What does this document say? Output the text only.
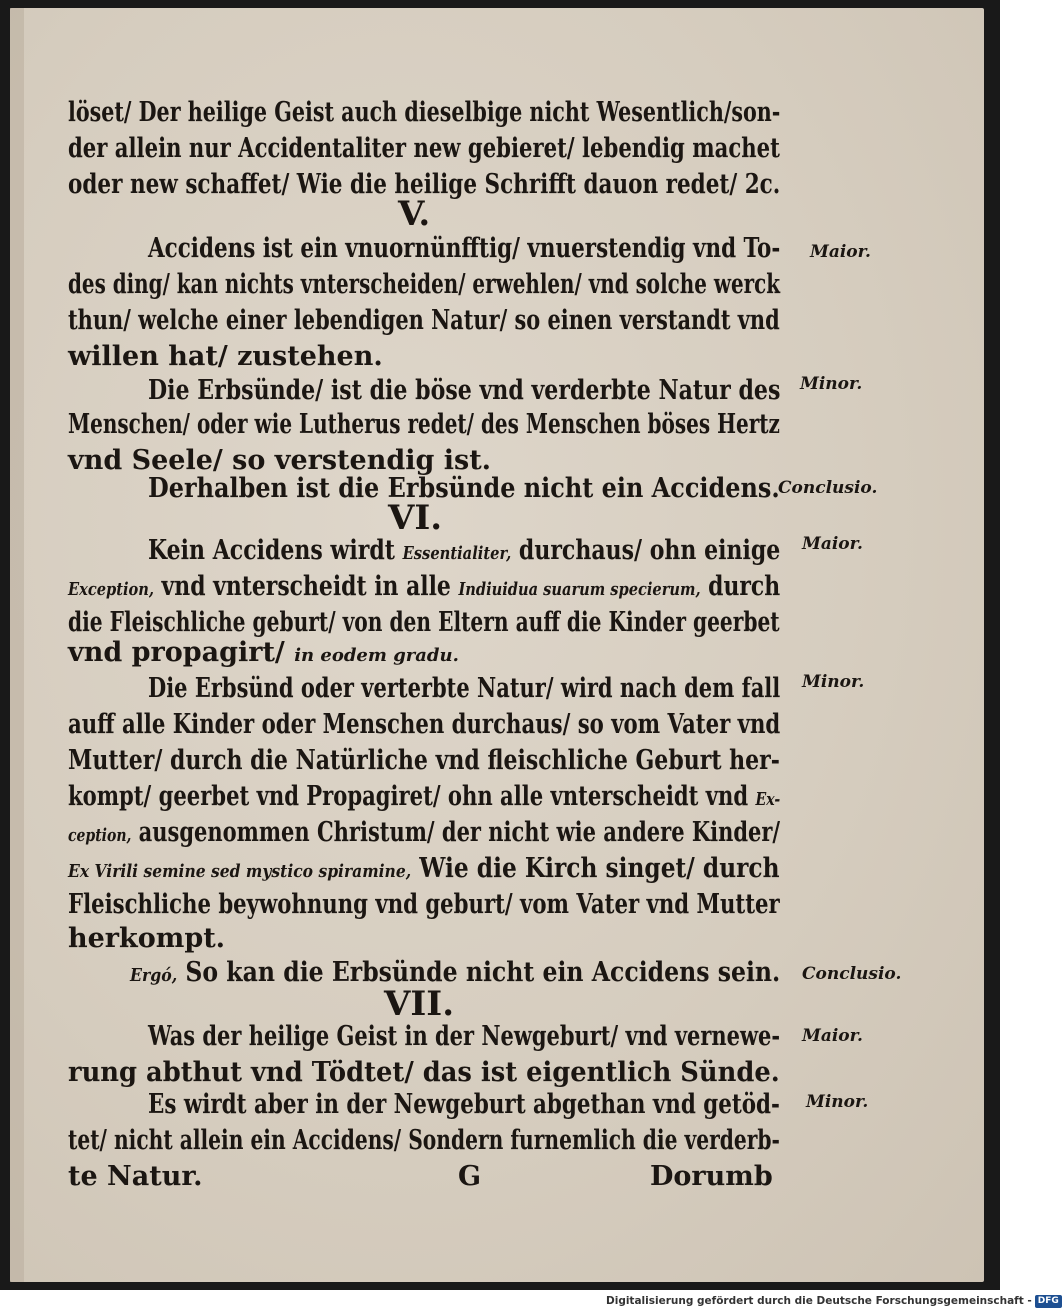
löset/ Der heilige Geist auch dieselbige nicht Wesentlich/son-
der allein nur Accidentaliter new gebieret/ lebendig machet
oder new schaffet/ Wie die heilige Schrifft dauon redet/ 2c.
V.
Accidens ist ein vnuornünfftig/ vnuerstendig vnd To- Maior.
des ding/ kan nichts vnterscheiden/ erwehlen/ vnd solche werck
thun/ welche einer lebendigen Natur/ so einen verstandt vnd
willen hat/ zustehen.
Die Erbsünde/ ist die böse vnd verderbte Natur des Minor.
Menschen/ oder wie Lutherus redet/ des Menschen böses Hertz
vnd Seele/ so verstendig ist.
Derhalben ist die Erbsünde nicht ein Accidens.
Conclusio.
VI.
Kein Accidens wirdt Essentialiter, durchaus/ ohn einige Maior.
Exception, vnd vnterscheidt in alle Indiuidua suarum specierum, durch
die Fleischliche geburt/ von den Eltern auff die Kinder geerbet
vnd propagirt/ in eodem gradu.
Die Erbsünd oder verterbte Natur/ wird nach dem fall Minor.
auff alle Kinder oder Menschen durchaus/ so vom Vater vnd
Mutter/ durch die Natürliche vnd fleischliche Geburt her-
kompt/ geerbet vnd Propagiret/ ohn alle vnterscheidt vnd Ex-
ception, ausgenommen Christum/ der nicht wie andere Kinder/
Ex Virili semine sed mystico spiramine, Wie die Kirch singet/ durch
Fleischliche beywohnung vnd geburt/ vom Vater vnd Mutter
herkompt.
Ergó, So kan die Erbsünde nicht ein Accidens sein. Conclusio.
VII.
Was der heilige Geist in der Newgeburt/ vnd vernewe- Maior.
rung abthut vnd Tödtet/ das ist eigentlich Sünde.
Es wirdt aber in der Newgeburt abgethan vnd getöd- Minor.
tet/ nicht allein ein Accidens/ Sondern furnemlich die verderb-
te Natur.	G	Dorumb
Digitalisierung gefördert durch die Deutsche Forschungsgemeinschaft - DFG
